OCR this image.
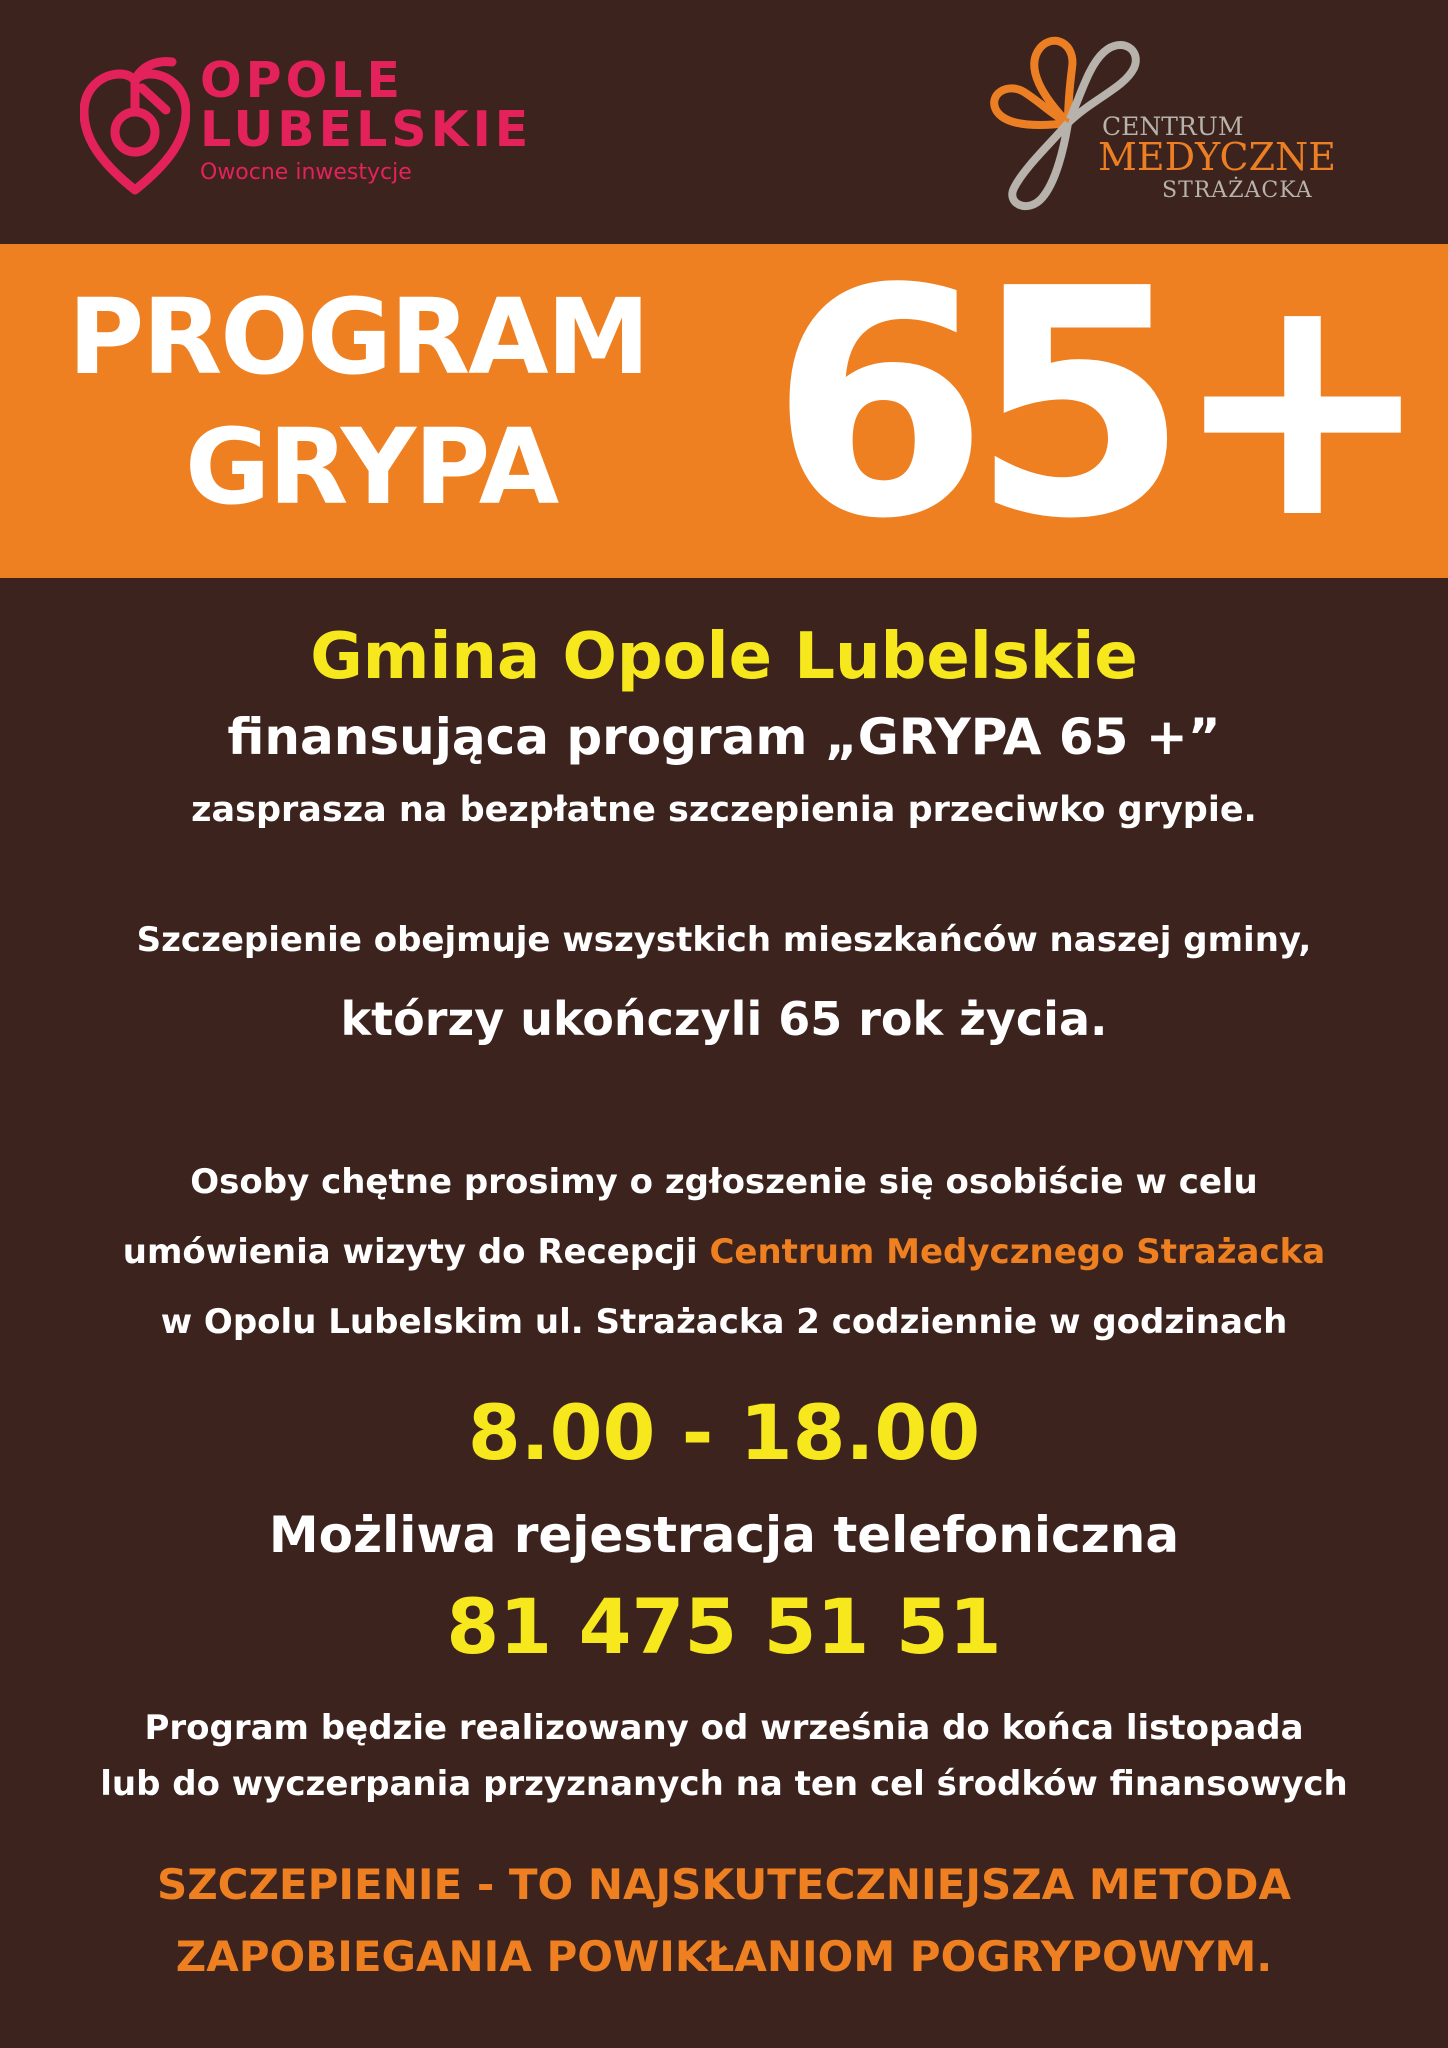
OPOLE
LUBELSKIE
Owocne inwestycje
CENTRUM
MEDYCZNE
STRAŻACKA
PROGRAM
GRYPA 65+
Gmina Opole Lubelskie
finansująca program „GRYPA 65 +”
zasprasza na bezpłatne szczepienia przeciwko grypie.
Szczepienie obejmuje wszystkich mieszkańców naszej gminy,
którzy ukończyli 65 rok życia.
Osoby chętne prosimy o zgłoszenie się osobiście w celu
umówienia wizyty do Recepcji Centrum Medycznego Strażacka
w Opolu Lubelskim ul. Strażacka 2 codziennie w godzinach
8.00 - 18.00
Możliwa rejestracja telefoniczna
81 475 51 51
Program będzie realizowany od września do końca listopada
lub do wyczerpania przyznanych na ten cel środków finansowych
SZCZEPIENIE - TO NAJSKUTECZNIEJSZA METODA
ZAPOBIEGANIA POWIKŁANIOM POGRYPOWYM.
